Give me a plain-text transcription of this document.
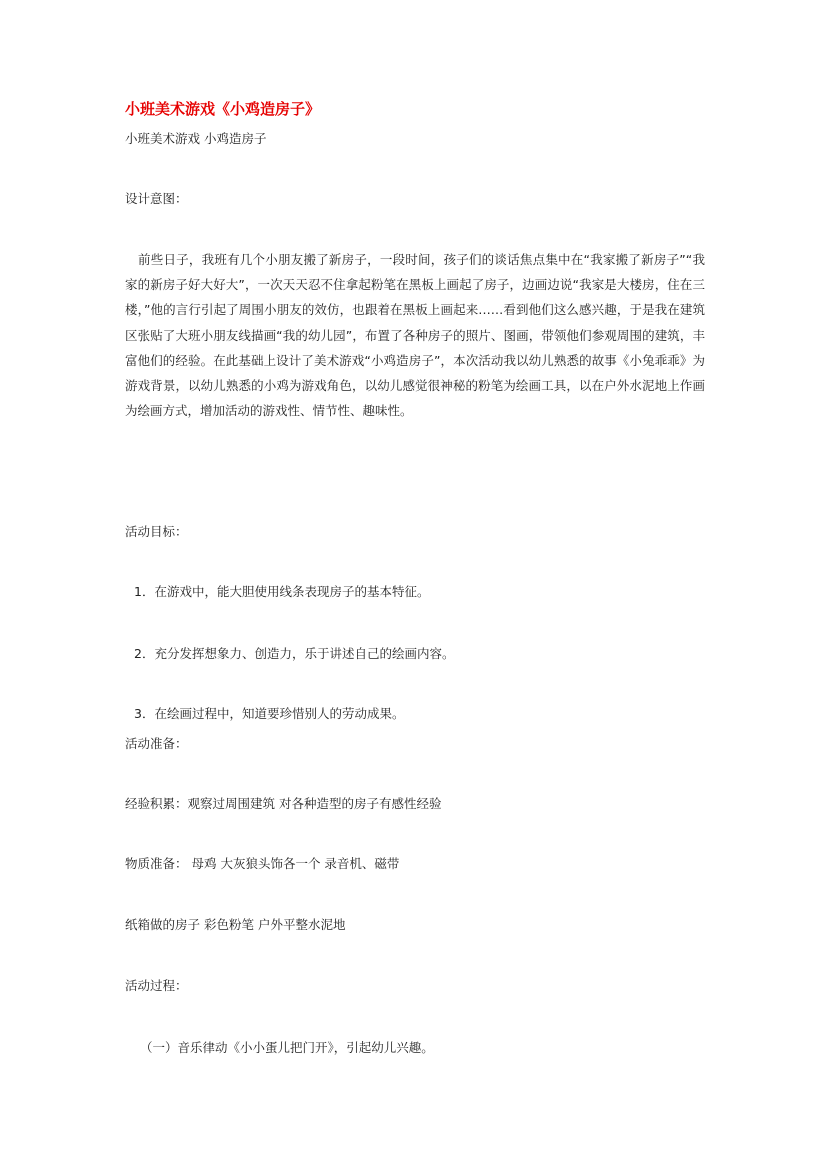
小班美术游戏《小鸡造房子》
小班美术游戏 小鸡造房子
设计意图：

前些日子，我班有几个小朋友搬了新房子，一段时间，孩子们的谈话焦点集中在“我家搬了新房子”“我家的新房子好大好大”，一次天天忍不住拿起粉笔在黑板上画起了房子，边画边说“我家是大楼房，住在三楼，”他的言行引起了周围小朋友的效仿，也跟着在黑板上画起来……看到他们这么感兴趣，于是我在建筑区张贴了大班小朋友线描画“我的幼儿园”，布置了各种房子的照片、图画，带领他们参观周围的建筑，丰富他们的经验。在此基础上设计了美术游戏“小鸡造房子”，本次活动我以幼儿熟悉的故事《小兔乖乖》为游戏背景，以幼儿熟悉的小鸡为游戏角色，以幼儿感觉很神秘的粉笔为绘画工具，以在户外水泥地上作画为绘画方式，增加活动的游戏性、情节性、趣味性。

活动目标：
1．在游戏中，能大胆使用线条表现房子的基本特征。
2．充分发挥想象力、创造力，乐于讲述自己的绘画内容。
3．在绘画过程中，知道要珍惜别人的劳动成果。
活动准备：
经验积累：观察过周围建筑 对各种造型的房子有感性经验
物质准备： 母鸡 大灰狼头饰各一个 录音机、磁带
纸箱做的房子 彩色粉笔 户外平整水泥地
活动过程：
（一）音乐律动《小小蛋儿把门开》，引起幼儿兴趣。
